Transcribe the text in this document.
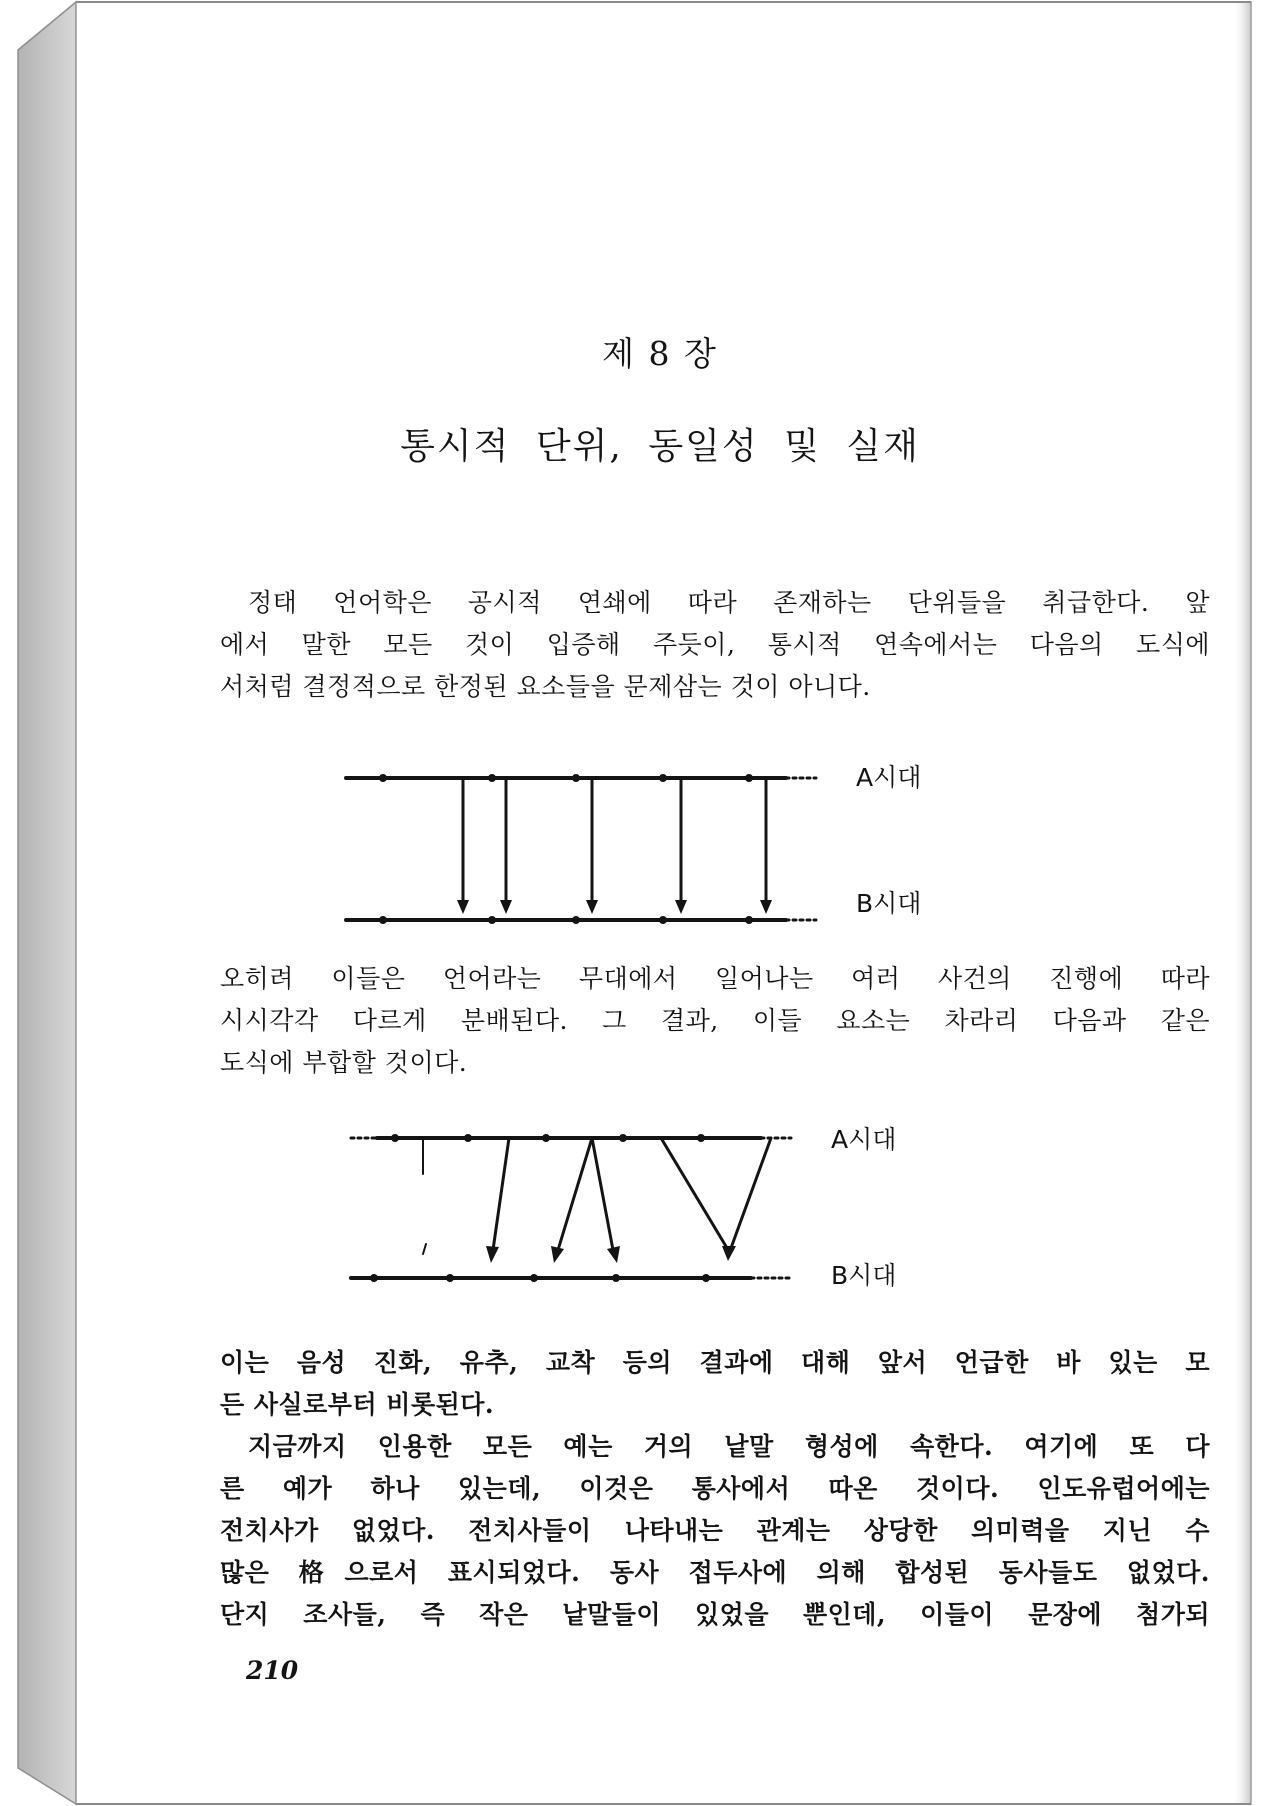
제 8 장
통시적 단위, 동일성 및 실재

정태 언어학은 공시적 연쇄에 따라 존재하는 단위들을 취급한다. 앞
에서 말한 모든 것이 입증해 주듯이, 통시적 연속에서는 다음의 도식에
서처럼 결정적으로 한정된 요소들을 문제삼는 것이 아니다.

A시대
B시대

오히려 이들은 언어라는 무대에서 일어나는 여러 사건의 진행에 따라
시시각각 다르게 분배된다. 그 결과, 이들 요소는 차라리 다음과 같은
도식에 부합할 것이다.

A시대
B시대

이는 음성 진화, 유추, 교착 등의 결과에 대해 앞서 언급한 바 있는 모
든 사실로부터 비롯된다.

지금까지 인용한 모든 예는 거의 낱말 형성에 속한다. 여기에 또 다
른 예가 하나 있는데, 이것은 통사에서 따온 것이다. 인도유럽어에는
전치사가 없었다. 전치사들이 나타내는 관계는 상당한 의미력을 지닌 수
많은 格으로서 표시되었다. 동사 접두사에 의해 합성된 동사들도 없었다.
단지 조사들, 즉 작은 낱말들이 있었을 뿐인데, 이들이 문장에 첨가되

210
